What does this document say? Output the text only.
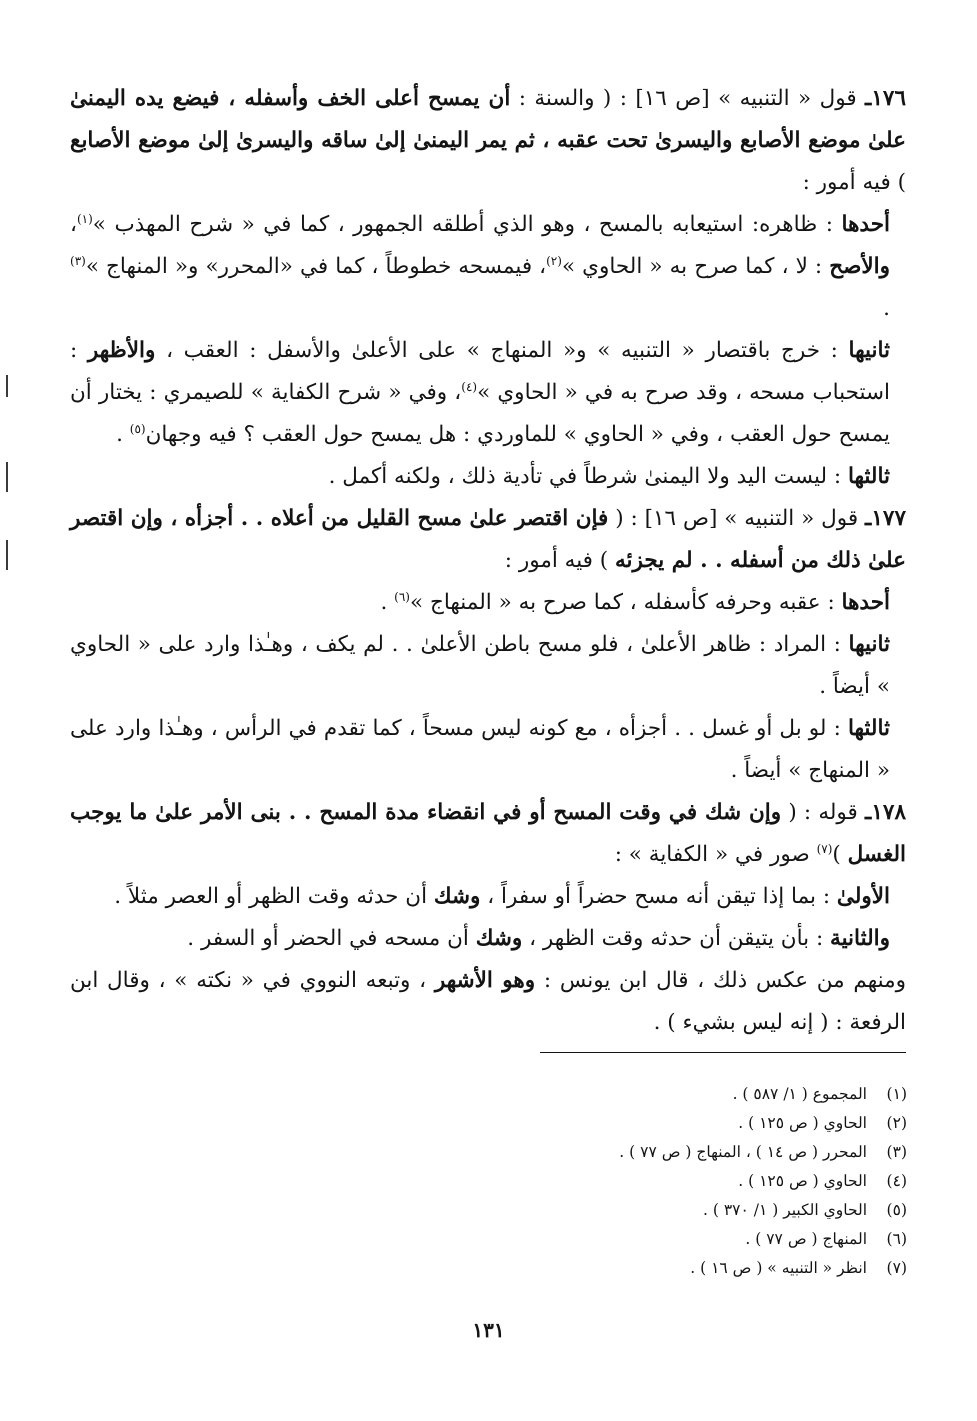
١٧٦ـ قول « التنبيه » [ص ١٦] : ( والسنة : أن يمسح أعلى الخف وأسفله ، فيضع يده اليمنىٰ علىٰ موضع الأصابع واليسرىٰ تحت عقبه ، ثم يمر اليمنىٰ إلىٰ ساقه واليسرىٰ إلىٰ موضع الأصابع ) فيه أمور :

أحدها : ظاهره: استيعابه بالمسح ، وهو الذي أطلقه الجمهور ، كما في « شرح المهذب »$^{(١)}$، والأصح : لا ، كما صرح به « الحاوي »$^{(٢)}$، فيمسحه خطوطاً ، كما في «المحرر» و« المنهاج »$^{(٣)}$ .

ثانيها : خرج باقتصار « التنبيه » و« المنهاج » على الأعلىٰ والأسفل : العقب ، والأظهر : استحباب مسحه ، وقد صرح به في « الحاوي »$^{(٤)}$، وفي « شرح الكفاية » للصيمري : يختار أن يمسح حول العقب ، وفي « الحاوي » للماوردي : هل يمسح حول العقب ؟ فيه وجهان$^{(٥)}$ .

ثالثها : ليست اليد ولا اليمنىٰ شرطاً في تأدية ذلك ، ولكنه أكمل .

١٧٧ـ قول « التنبيه » [ص ١٦] : ( فإن اقتصر علىٰ مسح القليل من أعلاه . . أجزأه ، وإن اقتصر علىٰ ذلك من أسفله . . لم يجزئه ) فيه أمور :

أحدها : عقبه وحرفه كأسفله ، كما صرح به « المنهاج »$^{(٦)}$ .

ثانيها : المراد : ظاهر الأعلىٰ ، فلو مسح باطن الأعلىٰ . . لم يكف ، وهـٰذا وارد على « الحاوي » أيضاً .

ثالثها : لو بل أو غسل . . أجزأه ، مع كونه ليس مسحاً ، كما تقدم في الرأس ، وهـٰذا وارد على « المنهاج » أيضاً .

١٧٨ـ قوله : ( وإن شك في وقت المسح أو في انقضاء مدة المسح . . بنى الأمر علىٰ ما يوجب الغسل )$^{(٧)}$ صور في « الكفاية » :

الأولىٰ : بما إذا تيقن أنه مسح حضراً أو سفراً ، وشك أن حدثه وقت الظهر أو العصر مثلاً .

والثانية : بأن يتيقن أن حدثه وقت الظهر ، وشك أن مسحه في الحضر أو السفر .

ومنهم من عكس ذلك ، قال ابن يونس : وهو الأشهر ، وتبعه النووي في « نكته » ، وقال ابن الرفعة : ( إنه ليس بشيء ) .

(١)المجموع ( ١/ ٥٨٧ ) .
(٢)الحاوي ( ص ١٢٥ ) .
(٣)المحرر ( ص ١٤ ) ، المنهاج ( ص ٧٧ ) .
(٤)الحاوي ( ص ١٢٥ ) .
(٥)الحاوي الكبير ( ١/ ٣٧٠ ) .
(٦)المنهاج ( ص ٧٧ ) .
(٧)انظر « التنبيه » ( ص ١٦ ) .
١٣١
